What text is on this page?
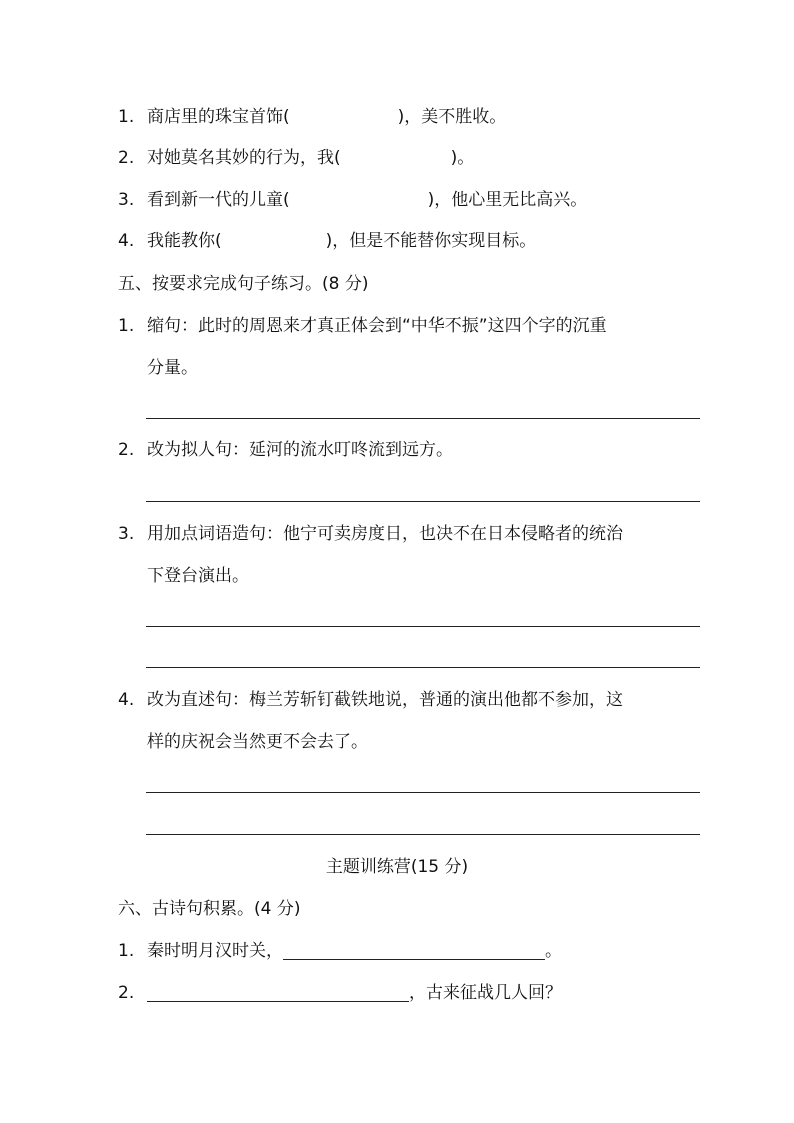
1. 商店里的珠宝首饰(	)，美不胜收。
2. 对她莫名其妙的行为，我(	)。
3. 看到新一代的儿童(	)，他心里无比高兴。
4. 我能教你(	)，但是不能替你实现目标。
五、按要求完成句子练习。(8 分)
1. 缩句：此时的周恩来才真正体会到“中华不振”这四个字的沉重
分量。
2. 改为拟人句：延河的流水叮咚流到远方。
3. 用加点词语造句：他宁可卖房度日，也决不在日本侵略者的统治
下登台演出。
4. 改为直述句：梅兰芳斩钉截铁地说，普通的演出他都不参加，这
样的庆祝会当然更不会去了。
主题训练营(15 分)
六、古诗句积累。(4 分)
1. 秦时明月汉时关，	。
2.	，古来征战几人回？
